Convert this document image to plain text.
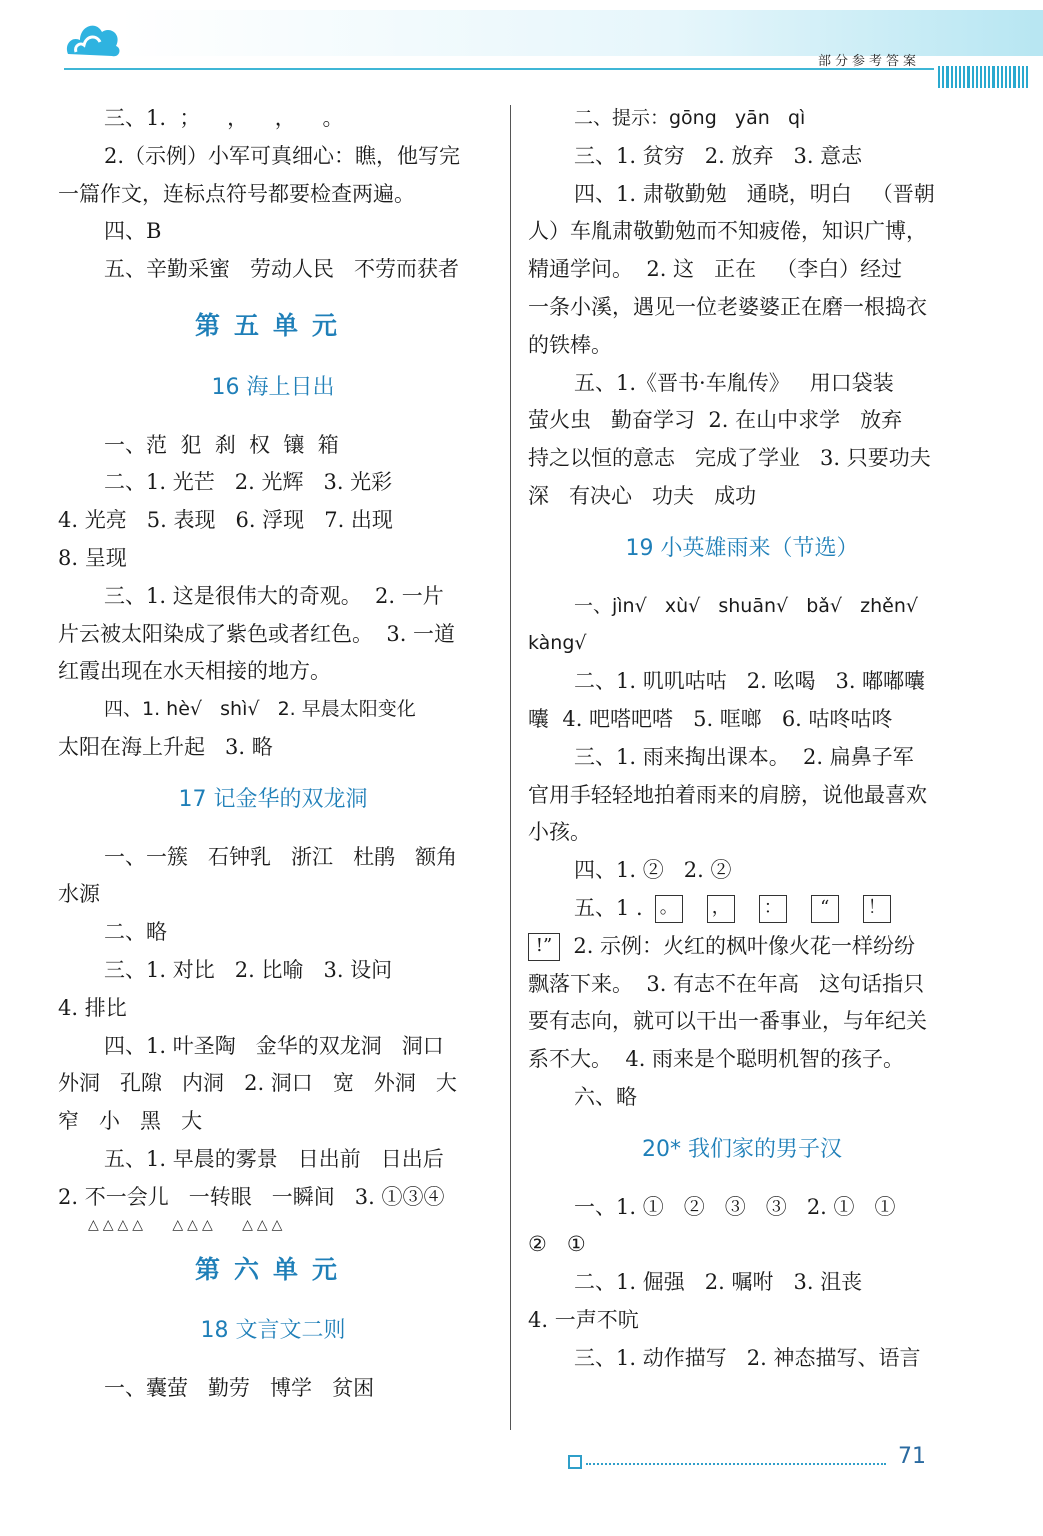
部分参考答案
三、1.  ；    ，    ，    。
2.（示例）小军可真细心：瞧，他写完
一篇作文，连标点符号都要检查两遍。
四、B
五、辛勤采蜜   劳动人民   不劳而获者
第五单元
16 海上日出
一、范  犯  刹  权  镶  箱
二、1. 光芒   2. 光辉   3. 光彩
4. 光亮   5. 表现   6. 浮现   7. 出现
8. 呈现
三、1. 这是很伟大的奇观。  2. 一片
片云被太阳染成了紫色或者红色。  3. 一道
红霞出现在水天相接的地方。
四、1. hè√   shì√   2. 早晨太阳变化
太阳在海上升起   3. 略
17 记金华的双龙洞
一、一簇   石钟乳   浙江   杜鹃   额角
水源
二、略
三、1. 对比   2. 比喻   3. 设问
4. 排比
四、1. 叶圣陶   金华的双龙洞   洞口
外洞   孔隙   内洞   2. 洞口   宽   外洞   大
窄   小   黑   大
五、1. 早晨的雾景   日出前   日出后
2. 不一会儿   一转眼   一瞬间   3. ①③④
△△△△   △△△   △△△
第六单元
18 文言文二则
一、囊萤   勤劳   博学   贫困
二、提示：gōng   yān   qì
三、1. 贫穷   2. 放弃   3. 意志
四、1. 肃敬勤勉   通晓，明白   （晋朝
人）车胤肃敬勤勉而不知疲倦，知识广博，
精通学问。  2. 这   正在   （李白）经过
一条小溪，遇见一位老婆婆正在磨一根捣衣
的铁棒。
五、1.《晋书·车胤传》   用口袋装
萤火虫   勤奋学习  2. 在山中求学   放弃
持之以恒的意志   完成了学业   3. 只要功夫
深   有决心   功夫   成功
19 小英雄雨来（节选）
一、jìn√   xù√   shuān√   bǎ√   zhěn√
kàng√
二、1. 叽叽咕咕   2. 吆喝   3. 嘟嘟囔
囔  4. 吧嗒吧嗒   5. 哐啷   6. 咕咚咕咚
三、1. 雨来掏出课本。  2. 扁鼻子军
官用手轻轻地拍着雨来的肩膀，说他最喜欢
小孩。
四、1. ②   2. ②
五、1 . 。 ， ： “ ！
!”  2. 示例：火红的枫叶像火花一样纷纷
飘落下来。  3. 有志不在年高   这句话指只
要有志向，就可以干出一番事业，与年纪关
系不大。  4. 雨来是个聪明机智的孩子。
六、略
20* 我们家的男子汉
一、1. ①   ②   ③   ③   2. ①   ①
②   ①
二、1. 倔强   2. 嘱咐   3. 沮丧
4. 一声不吭
三、1. 动作描写   2. 神态描写、语言
71
